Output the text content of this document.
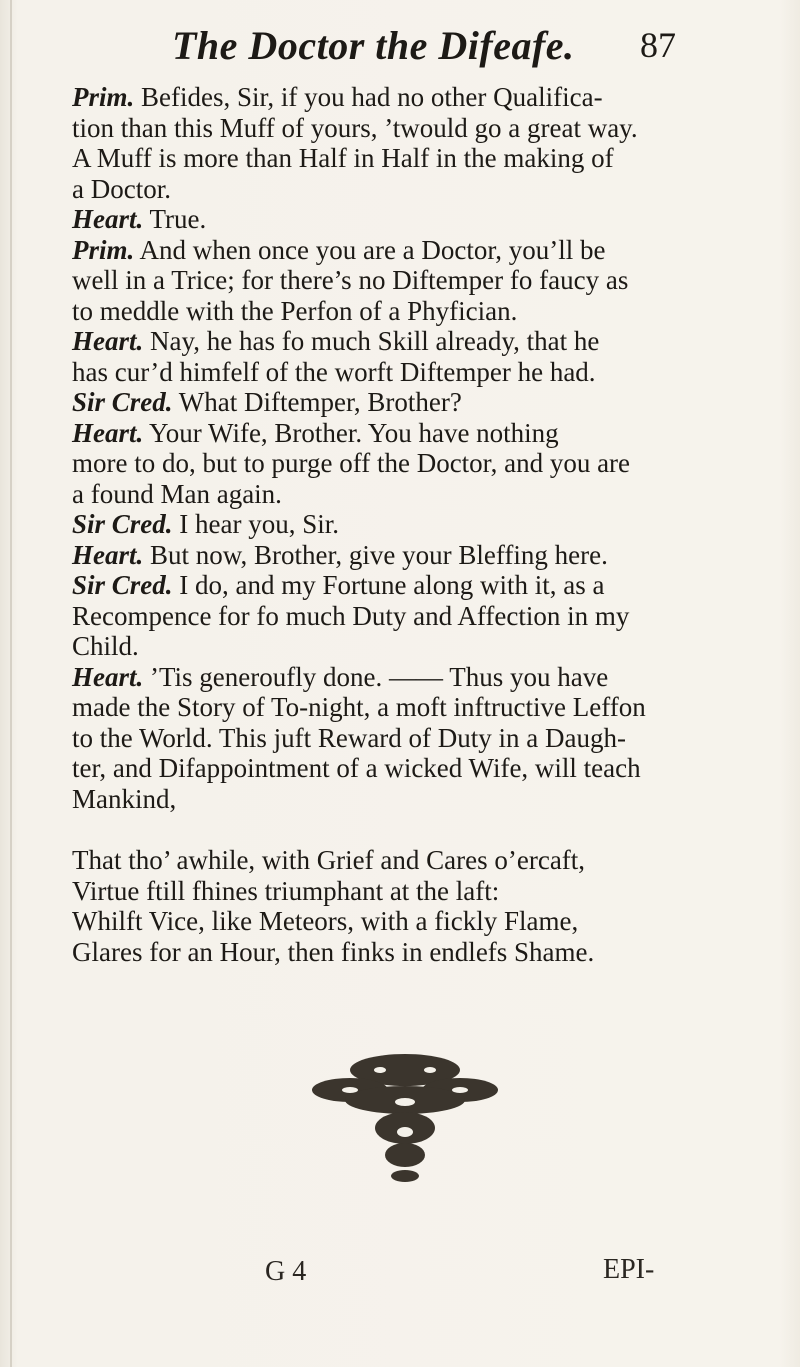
The Doctor the Difeafe. 87
Prim. Befides, Sir, if you had no other Qualifica-
tion than this Muff of yours, ’twould go a great way.
A Muff is more than Half in Half in the making of
a Doctor.
Heart. True.
Prim. And when once you are a Doctor, you’ll be
well in a Trice; for there’s no Diftemper fo faucy as
to meddle with the Perfon of a Phyfician.
Heart. Nay, he has fo much Skill already, that he
has cur’d himfelf of the worft Diftemper he had.
Sir Cred. What Diftemper, Brother?
Heart. Your Wife, Brother. You have nothing
more to do, but to purge off the Doctor, and you are
a found Man again.
Sir Cred. I hear you, Sir.
Heart. But now, Brother, give your Bleffing here.
Sir Cred. I do, and my Fortune along with it, as a
Recompence for fo much Duty and Affection in my
Child.
Heart. ’Tis generoufly done. —— Thus you have
made the Story of To-night, a moft inftructive Leffon
to the World. This juft Reward of Duty in a Daugh-
ter, and Difappointment of a wicked Wife, will teach
Mankind,
That tho’ awhile, with Grief and Cares o’ercaft,
Virtue ftill fhines triumphant at the laft:
Whilft Vice, like Meteors, with a fickly Flame,
Glares for an Hour, then finks in endlefs Shame.
G 4	EPI-
